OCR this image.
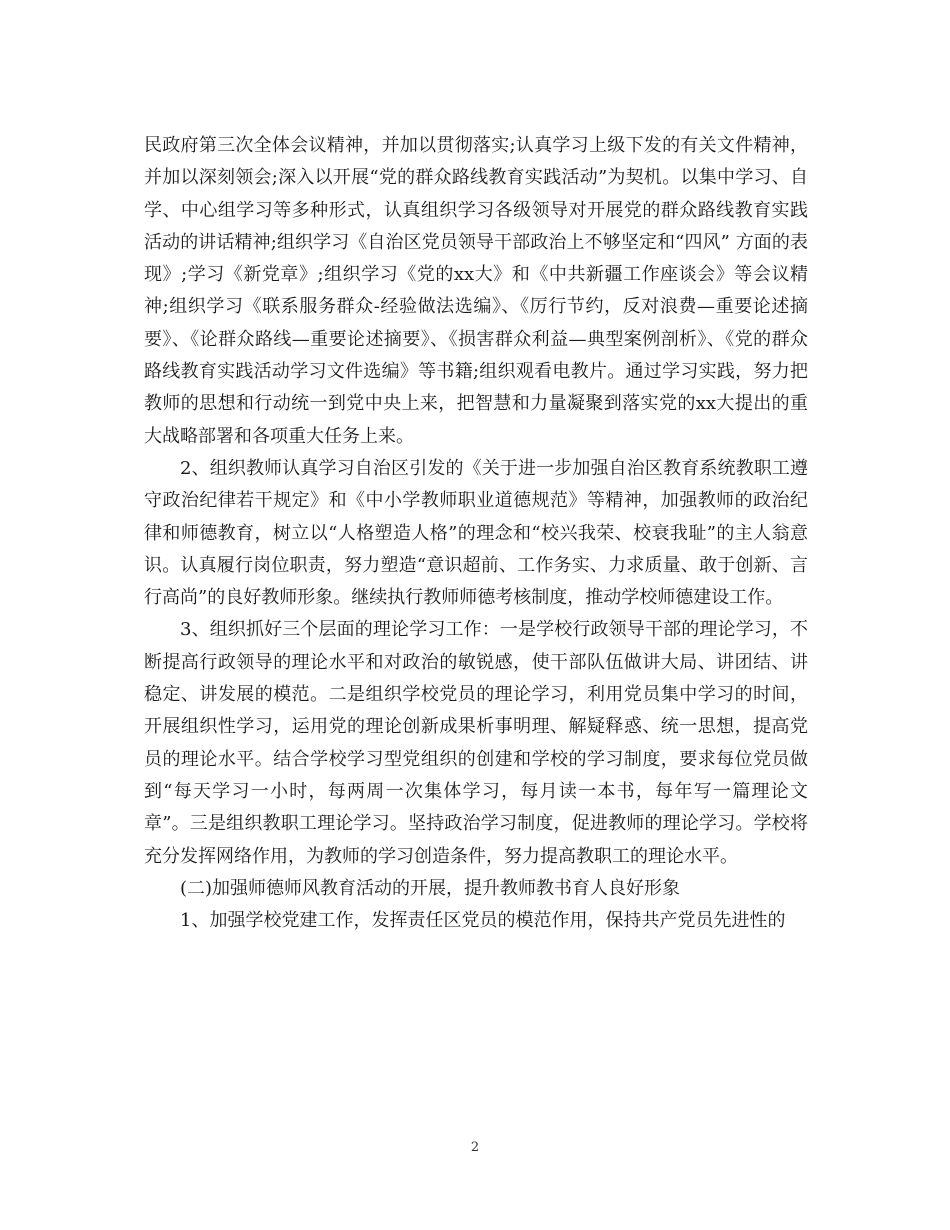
民政府第三次全体会议精神，并加以贯彻落实;认真学习上级下发的有关文件精神，并加以深刻领会;深入以开展“党的群众路线教育实践活动”为契机。以集中学习、自学、中心组学习等多种形式，认真组织学习各级领导对开展党的群众路线教育实践活动的讲话精神;组织学习《自治区党员领导干部政治上不够坚定和“四风” 方面的表现》;学习《新党章》;组织学习《党的xx大》和《中共新疆工作座谈会》等会议精神;组织学习《联系服务群众-经验做法选编》、《厉行节约，反对浪费—重要论述摘要》、《论群众路线—重要论述摘要》、《损害群众利益—典型案例剖析》、《党的群众路线教育实践活动学习文件选编》等书籍;组织观看电教片。通过学习实践，努力把教师的思想和行动统一到党中央上来，把智慧和力量凝聚到落实党的xx大提出的重大战略部署和各项重大任务上来。

2、组织教师认真学习自治区引发的《关于进一步加强自治区教育系统教职工遵守政治纪律若干规定》和《中小学教师职业道德规范》等精神，加强教师的政治纪律和师德教育，树立以“人格塑造人格”的理念和“校兴我荣、校衰我耻”的主人翁意识。认真履行岗位职责，努力塑造“意识超前、工作务实、力求质量、敢于创新、言行高尚”的良好教师形象。继续执行教师师德考核制度，推动学校师德建设工作。

3、组织抓好三个层面的理论学习工作：一是学校行政领导干部的理论学习，不断提高行政领导的理论水平和对政治的敏锐感，使干部队伍做讲大局、讲团结、讲稳定、讲发展的模范。二是组织学校党员的理论学习，利用党员集中学习的时间，开展组织性学习，运用党的理论创新成果析事明理、解疑释惑、统一思想，提高党员的理论水平。结合学校学习型党组织的创建和学校的学习制度，要求每位党员做到“每天学习一小时，每两周一次集体学习，每月读一本书，每年写一篇理论文章”。三是组织教职工理论学习。坚持政治学习制度，促进教师的理论学习。学校将充分发挥网络作用，为教师的学习创造条件，努力提高教职工的理论水平。

(二)加强师德师风教育活动的开展，提升教师教书育人良好形象

1、加强学校党建工作，发挥责任区党员的模范作用，保持共产党员先进性的

2
